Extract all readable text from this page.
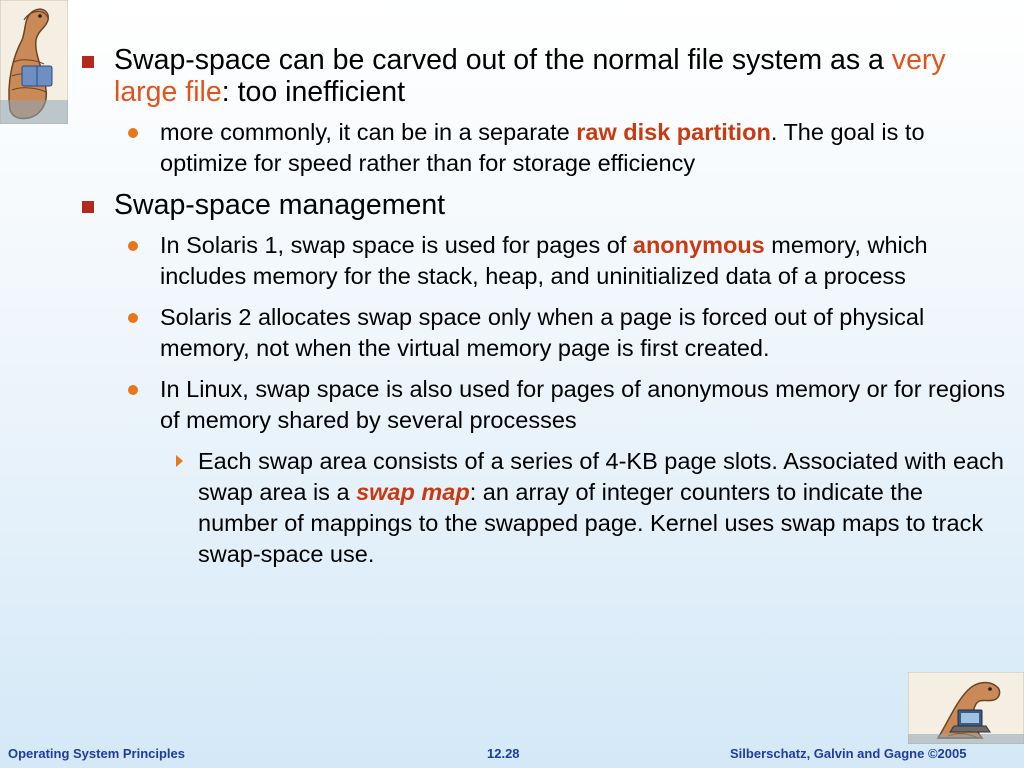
Swap-space can be carved out of the normal file system as a very large file: too inefficient
more commonly, it can be in a separate raw disk partition. The goal is to optimize for speed rather than for storage efficiency
Swap-space management
In Solaris 1, swap space is used for pages of anonymous memory, which includes memory for the stack, heap, and uninitialized data of a process
Solaris 2 allocates swap space only when a page is forced out of physical memory, not when the virtual memory page is first created.
In Linux, swap space is also used for pages of anonymous memory or for regions of memory shared by several processes
Each swap area consists of a series of 4-KB page slots. Associated with each swap area is a swap map: an array of integer counters to indicate the number of mappings to the swapped page. Kernel uses swap maps to track swap-space use.
Operating System Principles	12.28	Silberschatz, Galvin and Gagne ©2005
